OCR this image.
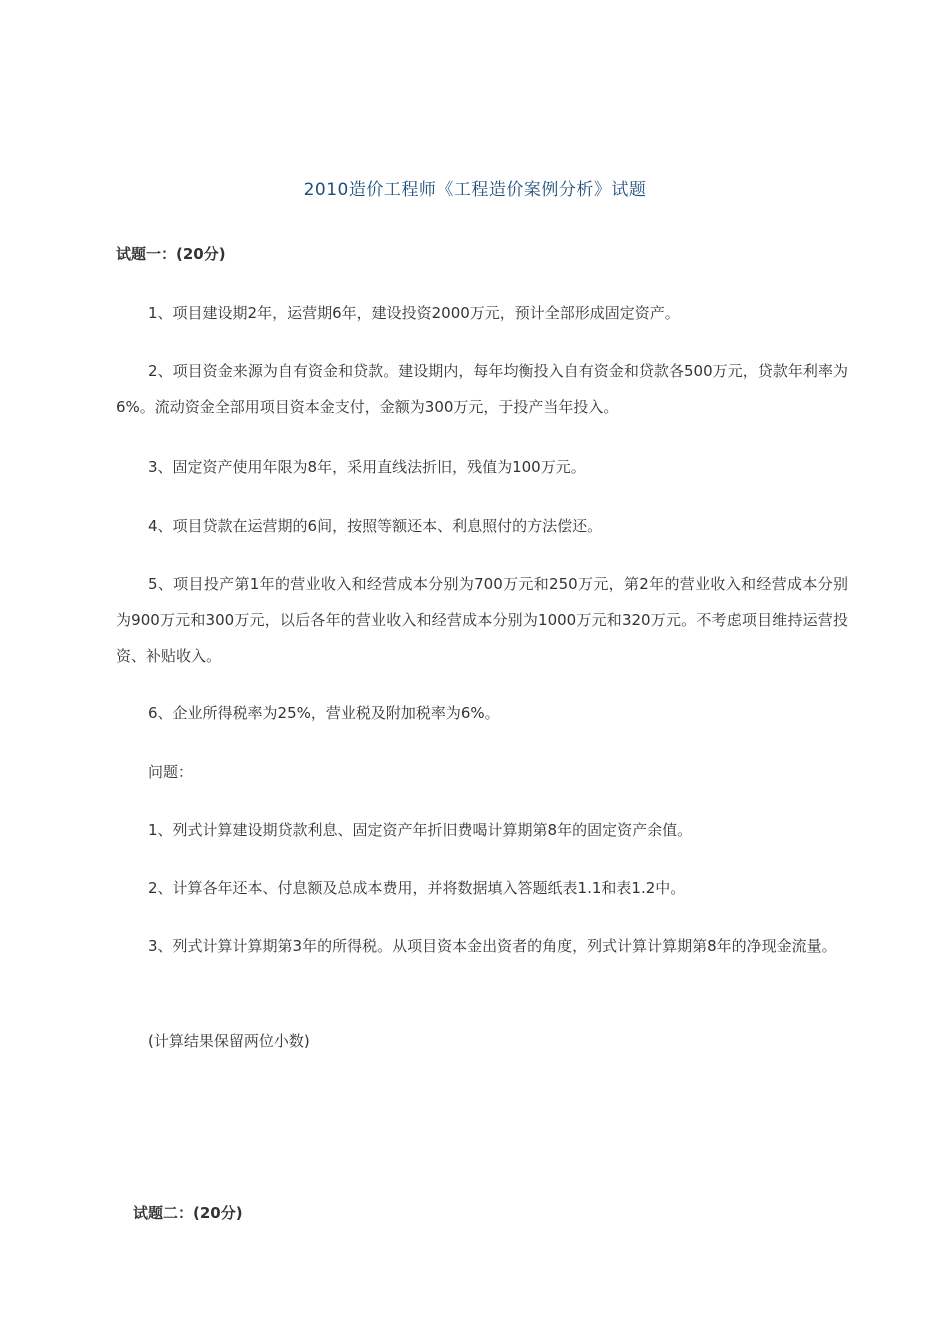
2010造价工程师《工程造价案例分析》试题
试题一：(20分)
1、项目建设期2年，运营期6年，建设投资2000万元，预计全部形成固定资产。
2、项目资金来源为自有资金和贷款。建设期内，每年均衡投入自有资金和贷款各500万元，贷款年利率为6%。流动资金全部用项目资本金支付，金额为300万元，于投产当年投入。
3、固定资产使用年限为8年，采用直线法折旧，残值为100万元。
4、项目贷款在运营期的6间，按照等额还本、利息照付的方法偿还。
5、项目投产第1年的营业收入和经营成本分别为700万元和250万元，第2年的营业收入和经营成本分别为900万元和300万元，以后各年的营业收入和经营成本分别为1000万元和320万元。不考虑项目维持运营投资、补贴收入。
6、企业所得税率为25%，营业税及附加税率为6%。
问题：
1、列式计算建设期贷款利息、固定资产年折旧费喝计算期第8年的固定资产余值。
2、计算各年还本、付息额及总成本费用，并将数据填入答题纸表1.1和表1.2中。
3、列式计算计算期第3年的所得税。从项目资本金出资者的角度，列式计算计算期第8年的净现金流量。
(计算结果保留两位小数)
试题二：(20分)
